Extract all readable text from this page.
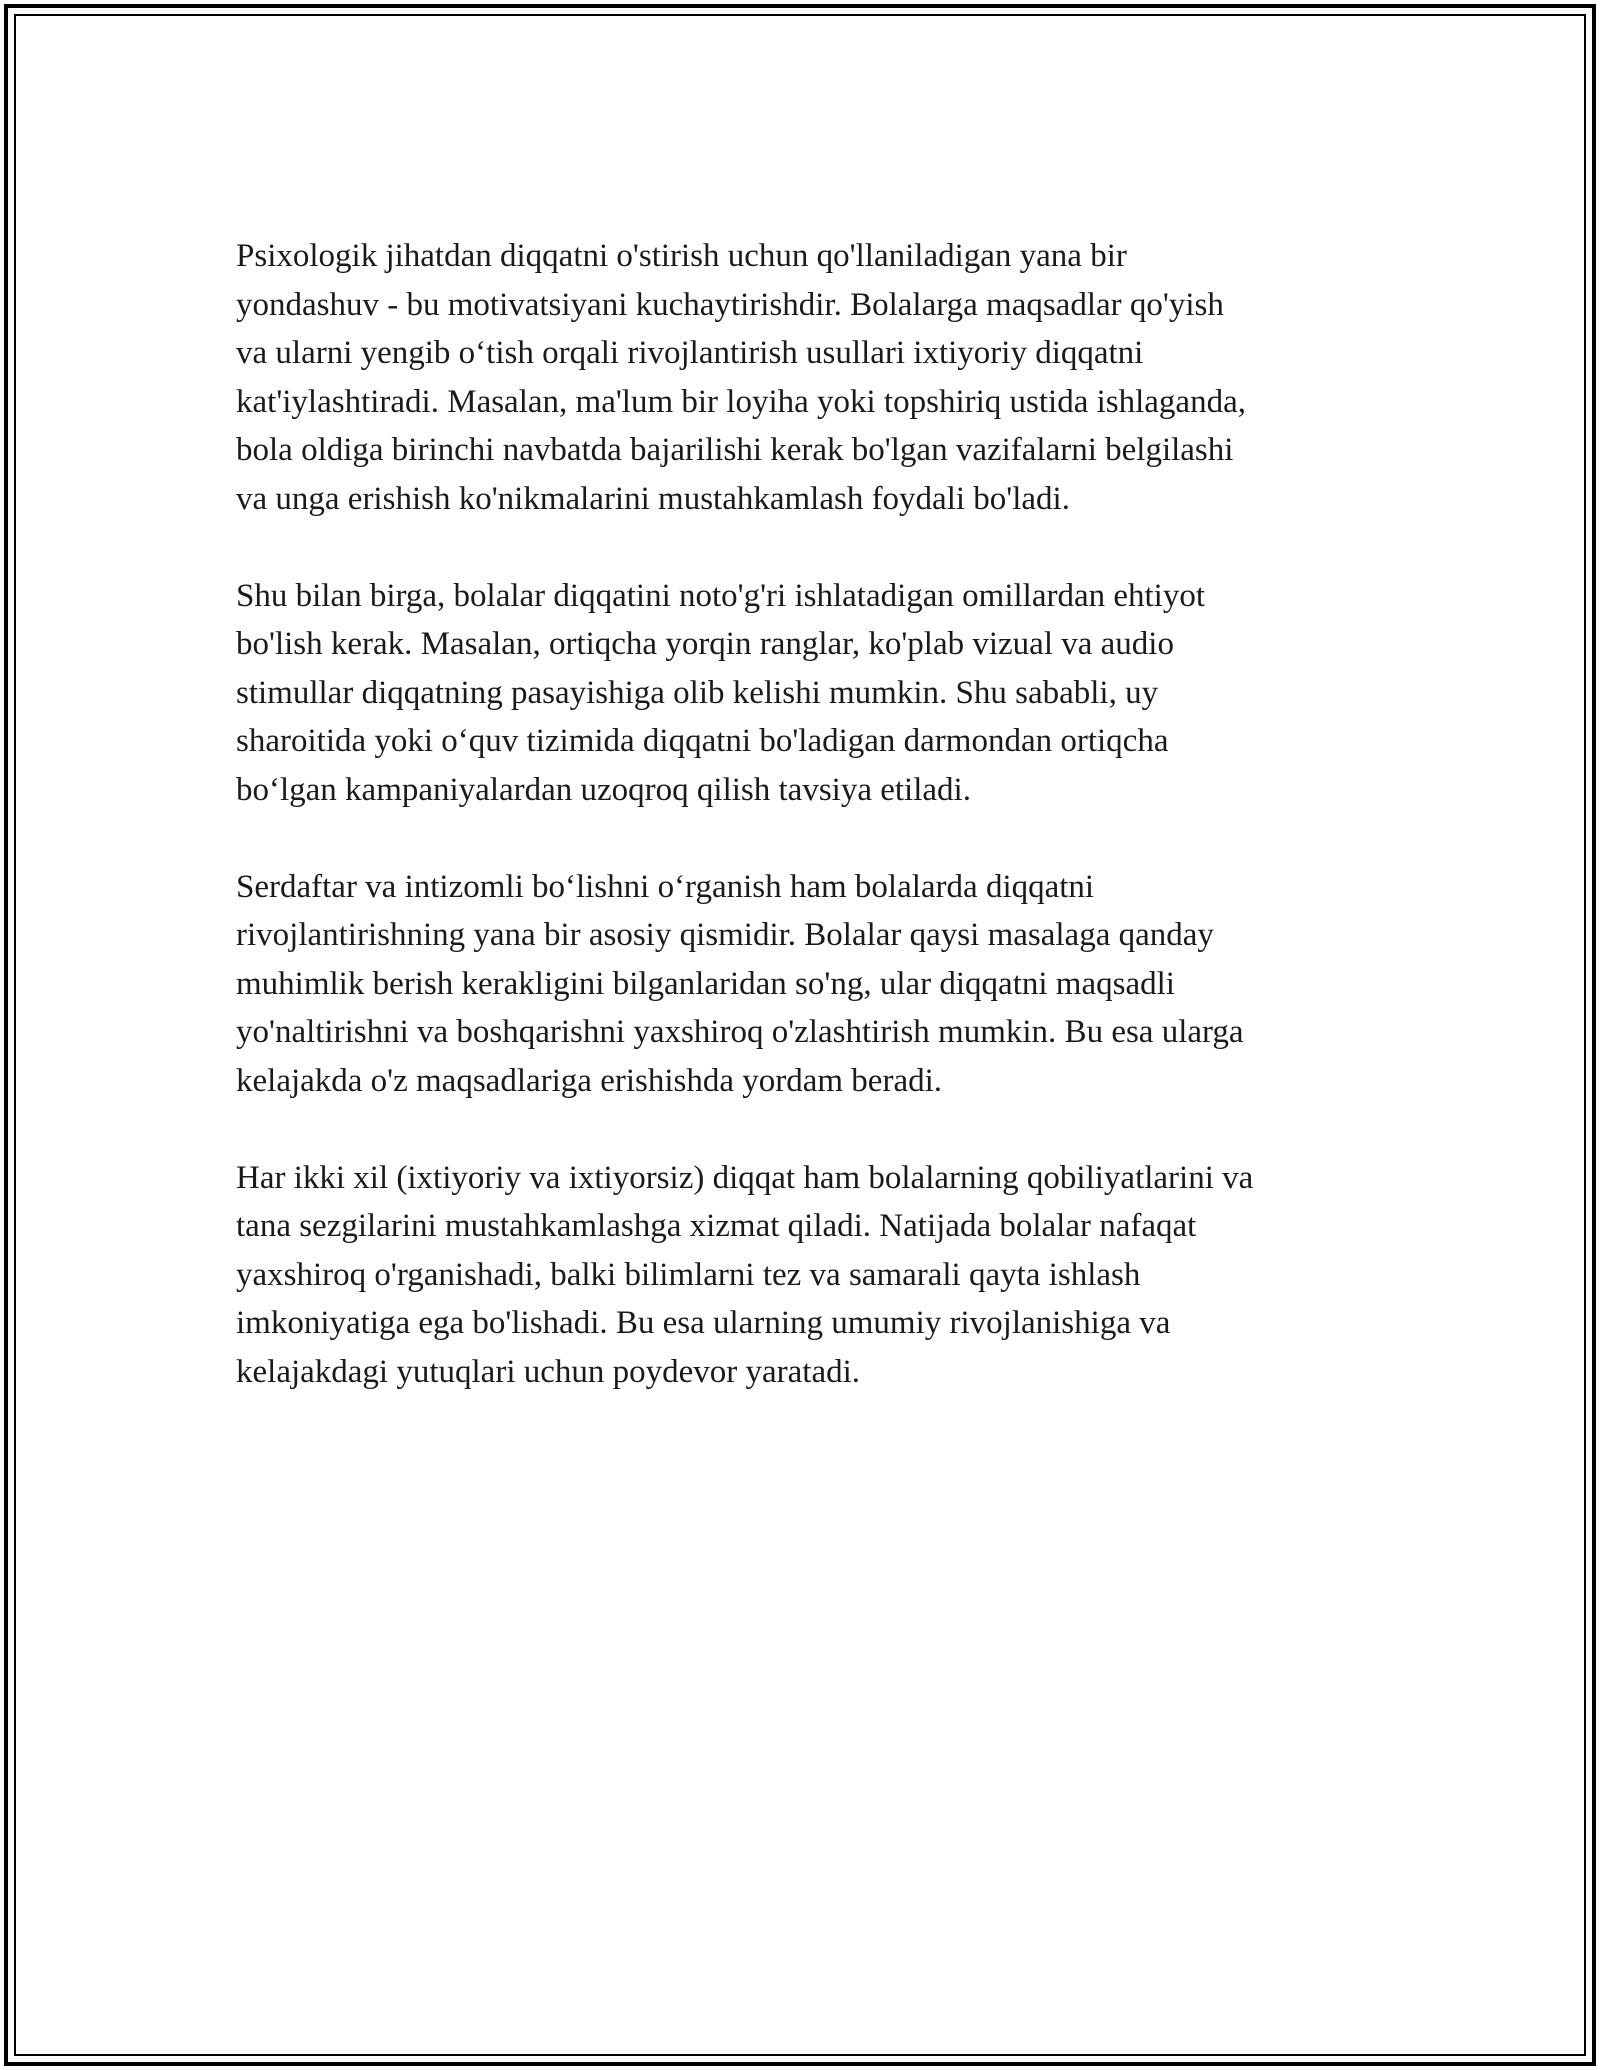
Psixologik jihatdan diqqatni o'stirish uchun qo'llaniladigan yana bir
yondashuv - bu motivatsiyani kuchaytirishdir. Bolalarga maqsadlar qo'yish
va ularni yengib o‘tish orqali rivojlantirish usullari ixtiyoriy diqqatni
kat'iylashtiradi. Masalan, ma'lum bir loyiha yoki topshiriq ustida ishlaganda,
bola oldiga birinchi navbatda bajarilishi kerak bo'lgan vazifalarni belgilashi
va unga erishish ko'nikmalarini mustahkamlash foydali bo'ladi.
Shu bilan birga, bolalar diqqatini noto'g'ri ishlatadigan omillardan ehtiyot
bo'lish kerak. Masalan, ortiqcha yorqin ranglar, ko'plab vizual va audio
stimullar diqqatning pasayishiga olib kelishi mumkin. Shu sababli, uy
sharoitida yoki o‘quv tizimida diqqatni bo'ladigan darmondan ortiqcha
bo‘lgan kampaniyalardan uzoqroq qilish tavsiya etiladi.
Serdaftar va intizomli bo‘lishni o‘rganish ham bolalarda diqqatni
rivojlantirishning yana bir asosiy qismidir. Bolalar qaysi masalaga qanday
muhimlik berish kerakligini bilganlaridan so'ng, ular diqqatni maqsadli
yo'naltirishni va boshqarishni yaxshiroq o'zlashtirish mumkin. Bu esa ularga
kelajakda o'z maqsadlariga erishishda yordam beradi.
Har ikki xil (ixtiyoriy va ixtiyorsiz) diqqat ham bolalarning qobiliyatlarini va
tana sezgilarini mustahkamlashga xizmat qiladi. Natijada bolalar nafaqat
yaxshiroq o'rganishadi, balki bilimlarni tez va samarali qayta ishlash
imkoniyatiga ega bo'lishadi. Bu esa ularning umumiy rivojlanishiga va
kelajakdagi yutuqlari uchun poydevor yaratadi.
